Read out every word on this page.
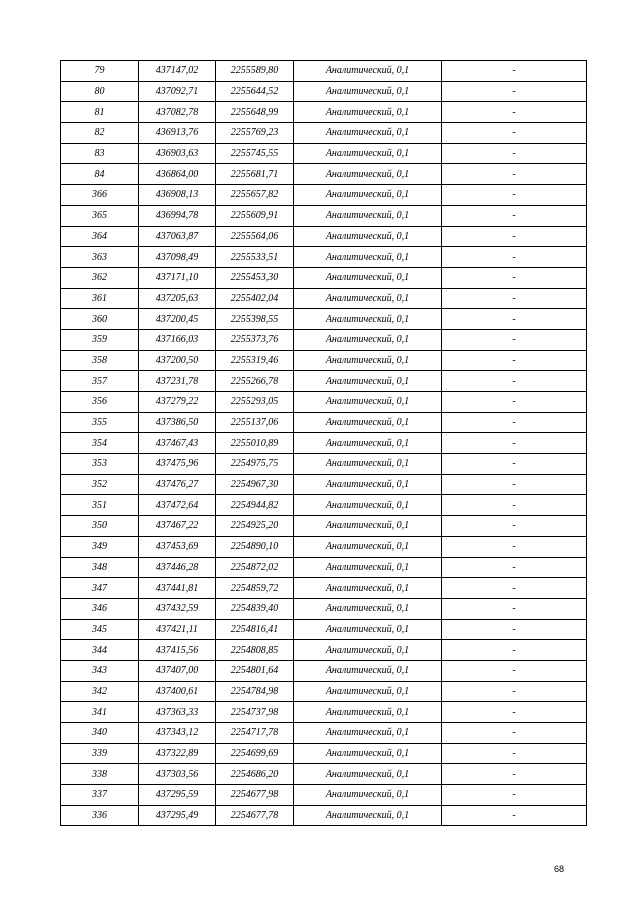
79	437147,02	2255589,80	Аналитический, 0,1	-
80	437092,71	2255644,52	Аналитический, 0,1	-
81	437082,78	2255648,99	Аналитический, 0,1	-
82	436913,76	2255769,23	Аналитический, 0,1	-
83	436903,63	2255745,55	Аналитический, 0,1	-
84	436864,00	2255681,71	Аналитический, 0,1	-
366	436908,13	2255657,82	Аналитический, 0,1	-
365	436994,78	2255609,91	Аналитический, 0,1	-
364	437063,87	2255564,06	Аналитический, 0,1	-
363	437098,49	2255533,51	Аналитический, 0,1	-
362	437171,10	2255453,30	Аналитический, 0,1	-
361	437205,63	2255402,04	Аналитический, 0,1	-
360	437200,45	2255398,55	Аналитический, 0,1	-
359	437166,03	2255373,76	Аналитический, 0,1	-
358	437200,50	2255319,46	Аналитический, 0,1	-
357	437231,78	2255266,78	Аналитический, 0,1	-
356	437279,22	2255293,05	Аналитический, 0,1	-
355	437386,50	2255137,06	Аналитический, 0,1	-
354	437467,43	2255010,89	Аналитический, 0,1	-
353	437475,96	2254975,75	Аналитический, 0,1	-
352	437476,27	2254967,30	Аналитический, 0,1	-
351	437472,64	2254944,82	Аналитический, 0,1	-
350	437467,22	2254925,20	Аналитический, 0,1	-
349	437453,69	2254890,10	Аналитический, 0,1	-
348	437446,28	2254872,02	Аналитический, 0,1	-
347	437441,81	2254859,72	Аналитический, 0,1	-
346	437432,59	2254839,40	Аналитический, 0,1	-
345	437421,11	2254816,41	Аналитический, 0,1	-
344	437415,56	2254808,85	Аналитический, 0,1	-
343	437407,00	2254801,64	Аналитический, 0,1	-
342	437400,61	2254784,98	Аналитический, 0,1	-
341	437363,33	2254737,98	Аналитический, 0,1	-
340	437343,12	2254717,78	Аналитический, 0,1	-
339	437322,89	2254699,69	Аналитический, 0,1	-
338	437303,56	2254686,20	Аналитический, 0,1	-
337	437295,59	2254677,98	Аналитический, 0,1	-
336	437295,49	2254677,78	Аналитический, 0,1	-
68
